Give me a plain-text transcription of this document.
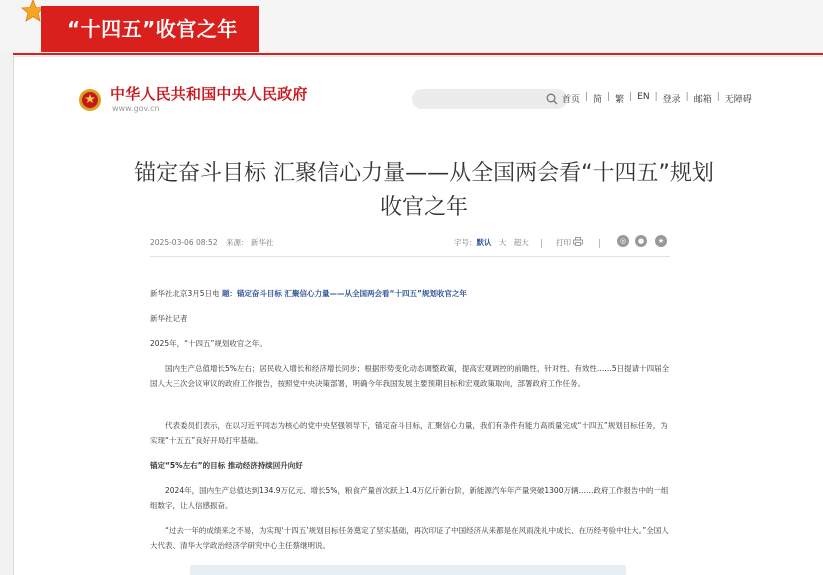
“十四五”收官之年
中华人民共和国中央人民政府
www.gov.cn
首页 | 简 | 繁 | EN | 登录 | 邮箱 | 无障碍
锚定奋斗目标 汇聚信心力量——从全国两会看“十四五”规划收官之年
2025-03-06 08:52 来源： 新华社	字号：默认 大 超大	打印	◎	●	★
新华社北京3月5日电 题：锚定奋斗目标 汇聚信心力量——从全国两会看“十四五”规划收官之年
新华社记者
2025年，“十四五”规划收官之年。
国内生产总值增长5%左右；居民收入增长和经济增长同步；根据形势变化动态调整政策，提高宏观调控的前瞻性、针对性、有效性……5日提请十四届全国人大三次会议审议的政府工作报告，按照党中央决策部署，明确今年我国发展主要预期目标和宏观政策取向，部署政府工作任务。
代表委员们表示，在以习近平同志为核心的党中央坚强领导下，锚定奋斗目标，汇聚信心力量，我们有条件有能力高质量完成“十四五”规划目标任务，为实现“十五五”良好开局打牢基础。
锚定“5%左右”的目标 推动经济持续回升向好
2024年，国内生产总值达到134.9万亿元、增长5%，粮食产量首次跃上1.4万亿斤新台阶，新能源汽车年产量突破1300万辆……政府工作报告中的一组组数字，让人信感振奋。
“过去一年的成绩来之不易，为实现‘十四五’规划目标任务奠定了坚实基础，再次印证了中国经济从来都是在风雨洗礼中成长、在历经考验中壮大。”全国人大代表、清华大学政治经济学研究中心主任蔡继明说。
